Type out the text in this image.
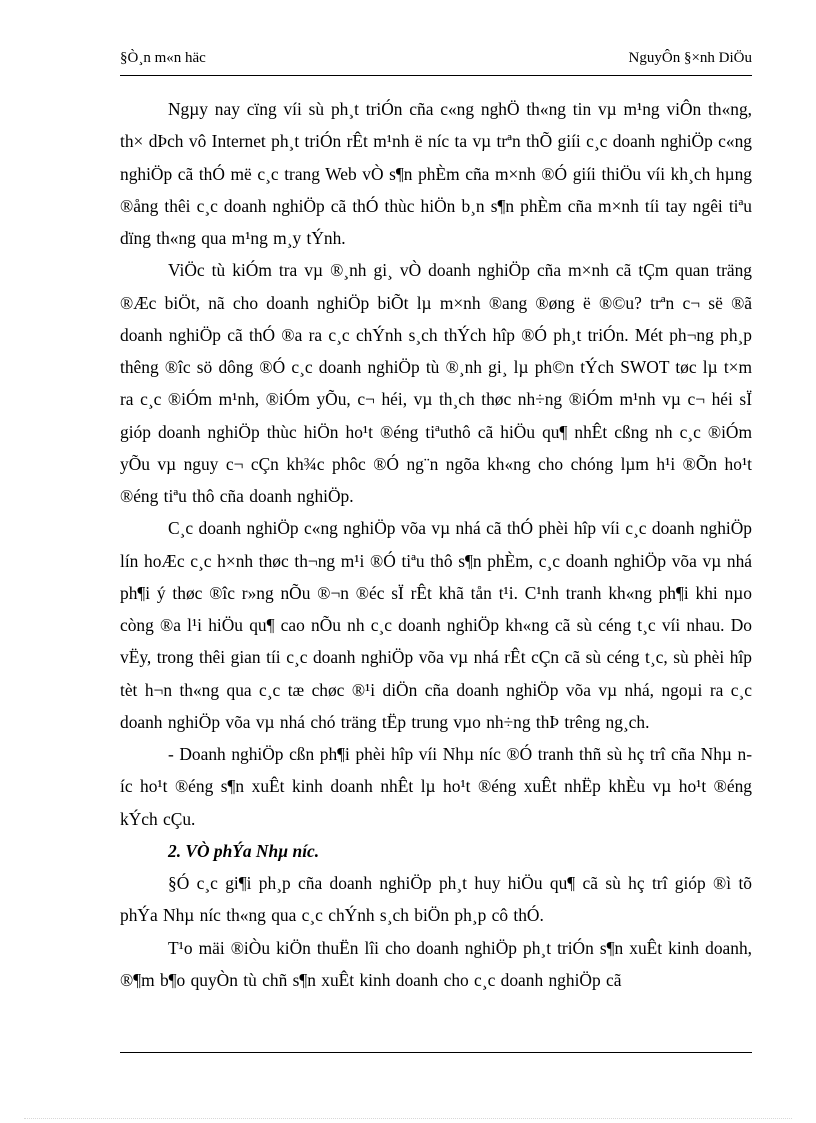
§Ò¸n m«n häc	NguyÔn §×nh DiÖu

Ngµy nay cïng víi sù ph¸t triÓn cña c«ng nghÖ th«ng tin vµ m¹ng viÔn th«ng, th× dÞch vô Internet ph¸t triÓn rÊt m¹nh ë níc ta vµ trªn thÕ giíi c¸c doanh nghiÖp c«ng nghiÖp cã thÓ më c¸c trang Web vÒ s¶n phÈm cña m×nh ®Ó giíi thiÖu víi kh¸ch hµng ®ång thêi c¸c doanh nghiÖp cã thÓ thùc hiÖn b¸n s¶n phÈm cña m×nh tíi tay ngêi tiªu dïng th«ng qua m¹ng m¸y tÝnh.

ViÖc tù kiÓm tra vµ ®¸nh gi¸ vÒ doanh nghiÖp cña m×nh cã tÇm quan träng ®Æc biÖt, nã cho doanh nghiÖp biÕt lµ m×nh ®ang ®øng ë ®©u? trªn c¬ së ®ã doanh nghiÖp cã thÓ ®a ra c¸c chÝnh s¸ch thÝch hîp ®Ó ph¸t triÓn. Mét ph¬ng ph¸p thêng ®îc sö dông ®Ó c¸c doanh nghiÖp tù ®¸nh gi¸ lµ ph©n tÝch SWOT tøc lµ t×m ra c¸c ®iÓm m¹nh, ®iÓm yÕu, c¬ héi, vµ th¸ch thøc nh÷ng ®iÓm m¹nh vµ c¬ héi sÏ gióp doanh nghiÖp thùc hiÖn ho¹t ®éng tiªuthô cã hiÖu qu¶ nhÊt cßng nh c¸c ®iÓm yÕu vµ nguy c¬ cÇn kh¾c phôc ®Ó ng¨n ngõa kh«ng cho chóng lµm h¹i ®Õn ho¹t ®éng tiªu thô cña doanh nghiÖp.

C¸c doanh nghiÖp c«ng nghiÖp võa vµ nhá cã thÓ phèi hîp víi c¸c doanh nghiÖp lín hoÆc c¸c h×nh thøc th¬ng m¹i ®Ó tiªu thô s¶n phÈm, c¸c doanh nghiÖp võa vµ nhá ph¶i ý thøc ®îc r»ng nÕu ®¬n ®éc sÏ rÊt khã tån t¹i. C¹nh tranh kh«ng ph¶i khi nµo còng ®a l¹i hiÖu qu¶ cao nÕu nh c¸c doanh nghiÖp kh«ng cã sù céng t¸c víi nhau. Do vËy, trong thêi gian tíi c¸c doanh nghiÖp võa vµ nhá rÊt cÇn cã sù céng t¸c, sù phèi hîp tèt h¬n th«ng qua c¸c tæ chøc ®¹i diÖn cña doanh nghiÖp võa vµ nhá, ngoµi ra c¸c doanh nghiÖp võa vµ nhá chó träng tËp trung vµo nh÷ng thÞ trêng ng¸ch.

- Doanh nghiÖp cßn ph¶i phèi hîp víi Nhµ níc ®Ó tranh thñ sù hç trî cña Nhµ níc ho¹t ®éng s¶n xuÊt kinh doanh nhÊt lµ ho¹t ®éng xuÊt nhËp khÈu vµ ho¹t ®éng kÝch cÇu.

2. VÒ phÝa Nhµ níc.

§Ó c¸c gi¶i ph¸p cña doanh nghiÖp ph¸t huy hiÖu qu¶ cã sù hç trî gióp ®ì tõ phÝa Nhµ níc th«ng qua c¸c chÝnh s¸ch biÖn ph¸p cô thÓ.

T¹o mäi ®iÒu kiÖn thuËn lîi cho doanh nghiÖp ph¸t triÓn s¶n xuÊt kinh doanh, ®¶m b¶o quyÒn tù chñ s¶n xuÊt kinh doanh cho c¸c doanh nghiÖp cã
